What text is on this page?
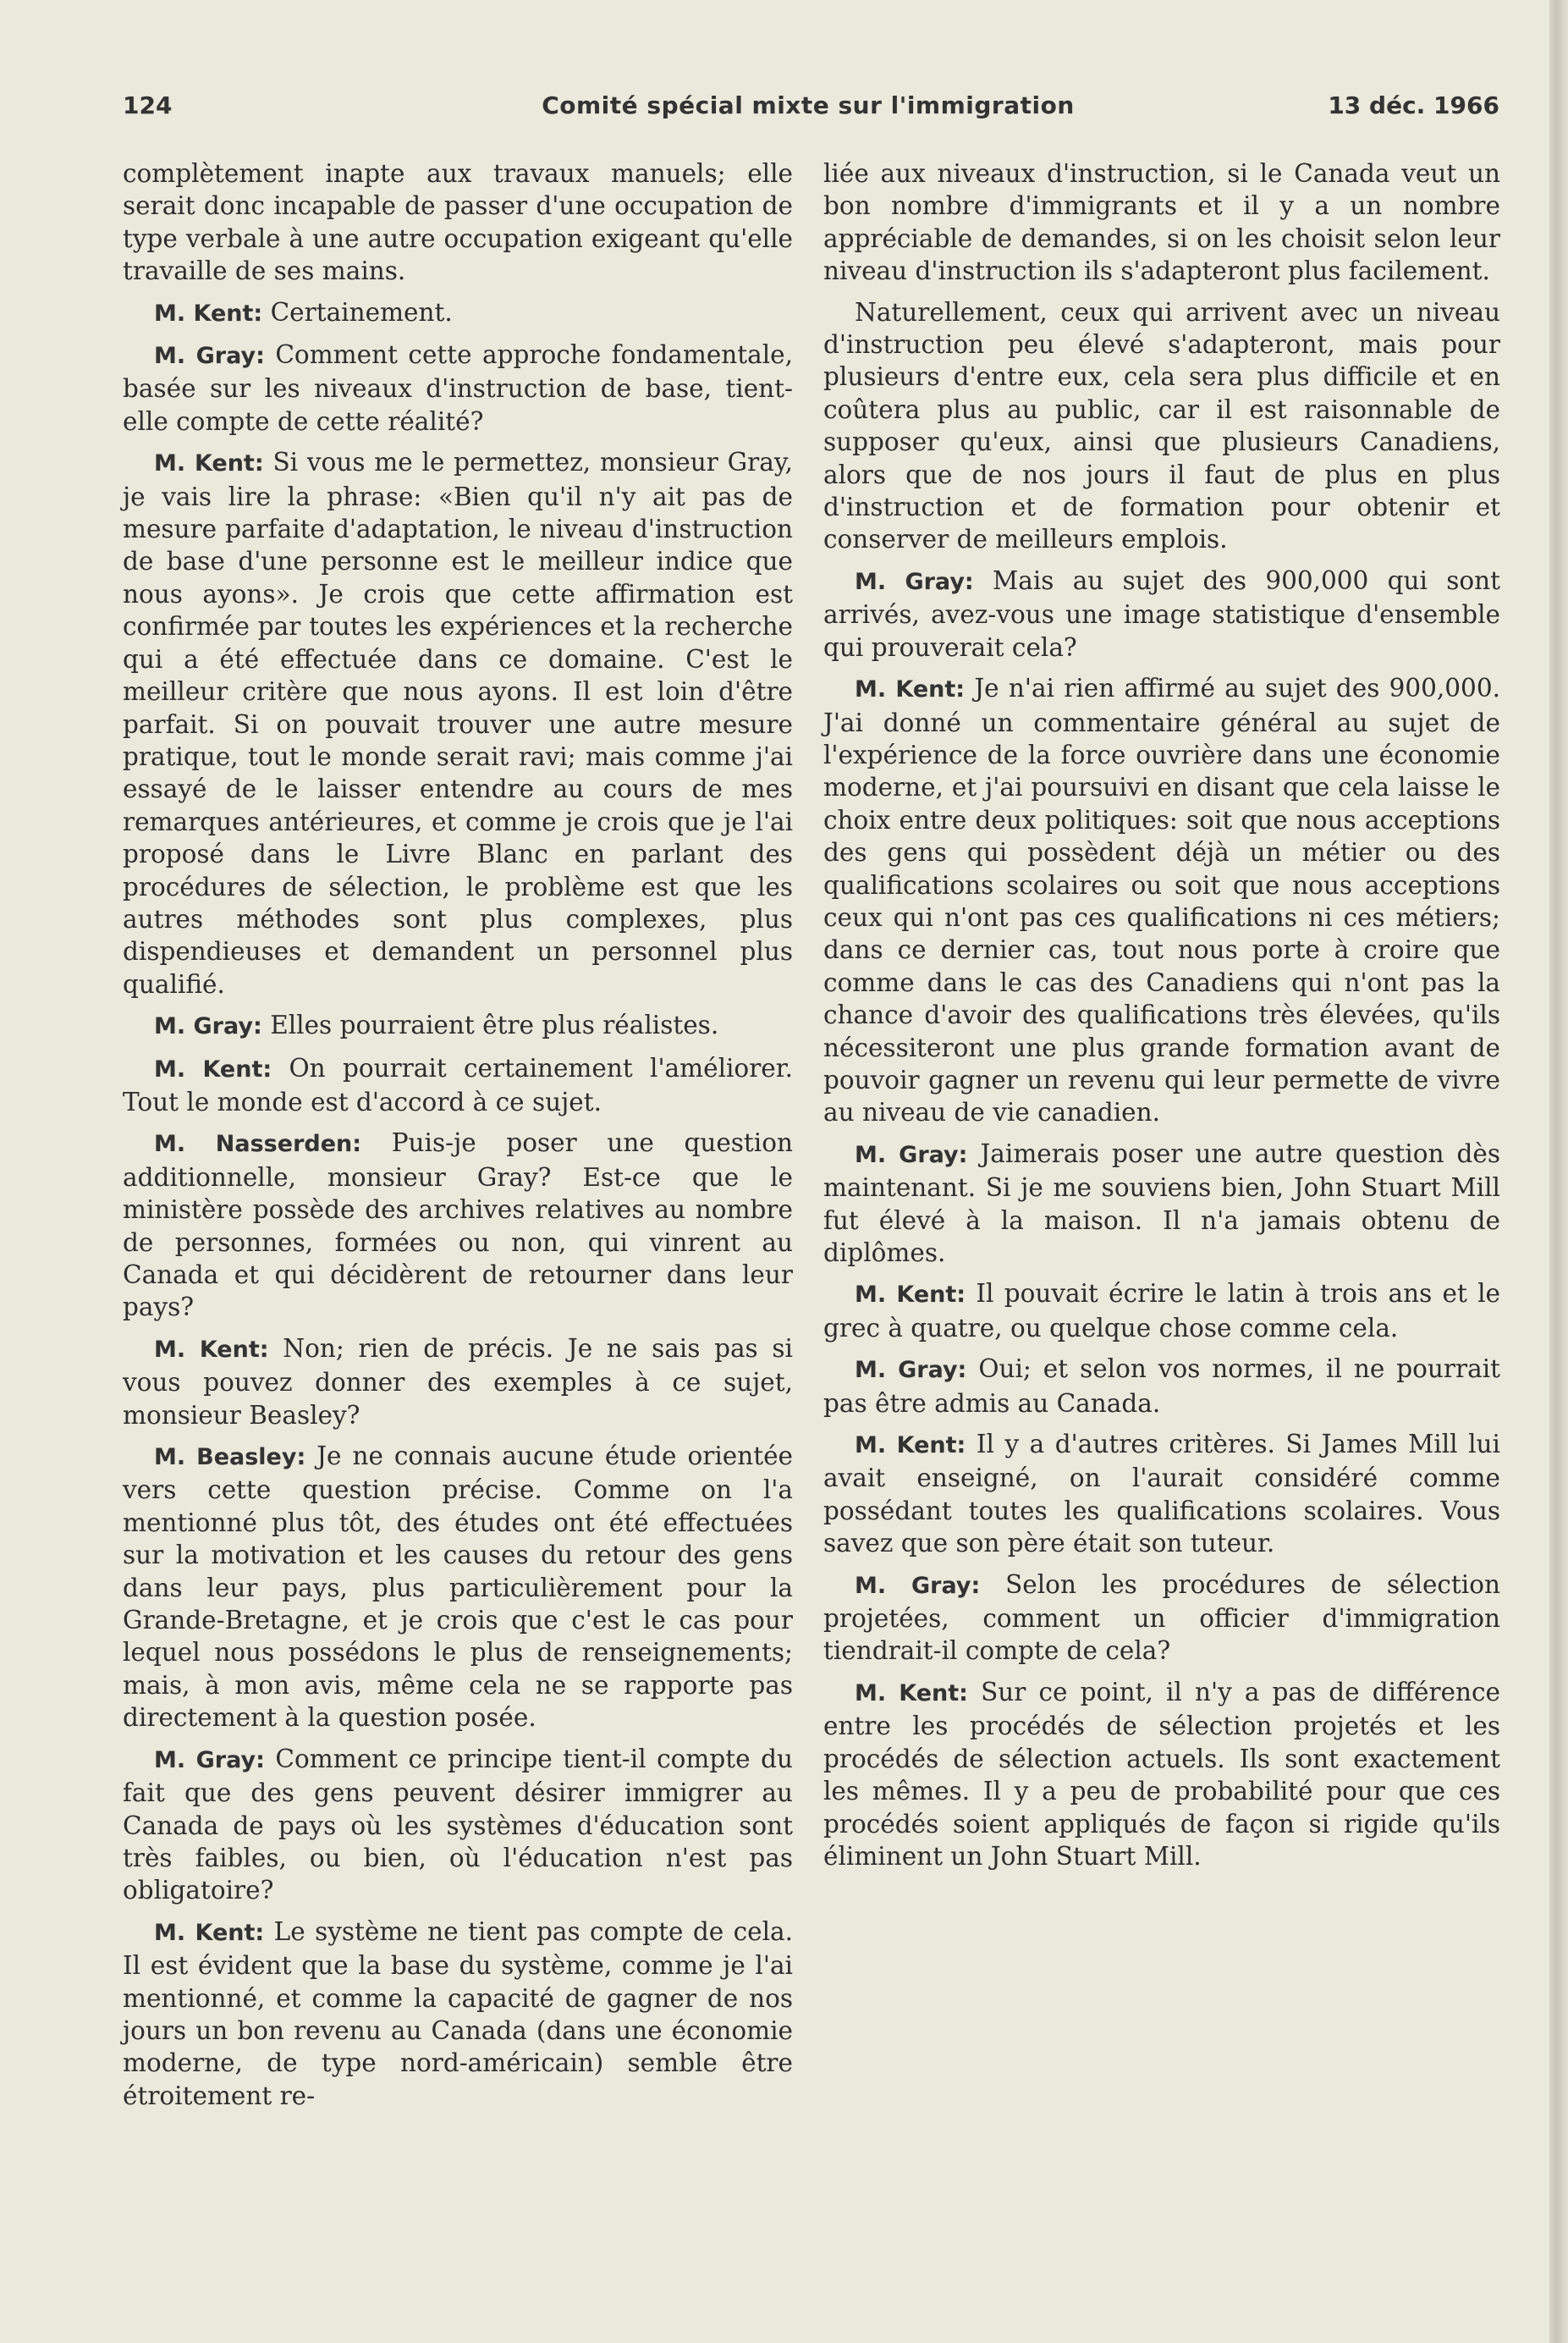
124	Comité spécial mixte sur l'immigration	13 déc. 1966

complètement inapte aux travaux manuels; elle serait donc incapable de passer d'une occupation de type verbale à une autre occupation exigeant qu'elle travaille de ses mains.

M. Kent: Certainement.

M. Gray: Comment cette approche fondamentale, basée sur les niveaux d'instruction de base, tient-elle compte de cette réalité?

M. Kent: Si vous me le permettez, monsieur Gray, je vais lire la phrase: «Bien qu'il n'y ait pas de mesure parfaite d'adaptation, le niveau d'instruction de base d'une personne est le meilleur indice que nous ayons». Je crois que cette affirmation est confirmée par toutes les expériences et la recherche qui a été effectuée dans ce domaine. C'est le meilleur critère que nous ayons. Il est loin d'être parfait. Si on pouvait trouver une autre mesure pratique, tout le monde serait ravi; mais comme j'ai essayé de le laisser entendre au cours de mes remarques antérieures, et comme je crois que je l'ai proposé dans le Livre Blanc en parlant des procédures de sélection, le problème est que les autres méthodes sont plus complexes, plus dispendieuses et demandent un personnel plus qualifié.

M. Gray: Elles pourraient être plus réalistes.

M. Kent: On pourrait certainement l'améliorer. Tout le monde est d'accord à ce sujet.

M. Nasserden: Puis-je poser une question additionnelle, monsieur Gray? Est-ce que le ministère possède des archives relatives au nombre de personnes, formées ou non, qui vinrent au Canada et qui décidèrent de retourner dans leur pays?

M. Kent: Non; rien de précis. Je ne sais pas si vous pouvez donner des exemples à ce sujet, monsieur Beasley?

M. Beasley: Je ne connais aucune étude orientée vers cette question précise. Comme on l'a mentionné plus tôt, des études ont été effectuées sur la motivation et les causes du retour des gens dans leur pays, plus particulièrement pour la Grande-Bretagne, et je crois que c'est le cas pour lequel nous possédons le plus de renseignements; mais, à mon avis, même cela ne se rapporte pas directement à la question posée.

M. Gray: Comment ce principe tient-il compte du fait que des gens peuvent désirer immigrer au Canada de pays où les systèmes d'éducation sont très faibles, ou bien, où l'éducation n'est pas obligatoire?

M. Kent: Le système ne tient pas compte de cela. Il est évident que la base du système, comme je l'ai mentionné, et comme la capacité de gagner de nos jours un bon revenu au Canada (dans une économie moderne, de type nord-américain) semble être étroitement re-

liée aux niveaux d'instruction, si le Canada veut un bon nombre d'immigrants et il y a un nombre appréciable de demandes, si on les choisit selon leur niveau d'instruction ils s'adapteront plus facilement.

Naturellement, ceux qui arrivent avec un niveau d'instruction peu élevé s'adapteront, mais pour plusieurs d'entre eux, cela sera plus difficile et en coûtera plus au public, car il est raisonnable de supposer qu'eux, ainsi que plusieurs Canadiens, alors que de nos jours il faut de plus en plus d'instruction et de formation pour obtenir et conserver de meilleurs emplois.

M. Gray: Mais au sujet des 900,000 qui sont arrivés, avez-vous une image statistique d'ensemble qui prouverait cela?

M. Kent: Je n'ai rien affirmé au sujet des 900,000. J'ai donné un commentaire général au sujet de l'expérience de la force ouvrière dans une économie moderne, et j'ai poursuivi en disant que cela laisse le choix entre deux politiques: soit que nous acceptions des gens qui possèdent déjà un métier ou des qualifications scolaires ou soit que nous acceptions ceux qui n'ont pas ces qualifications ni ces métiers; dans ce dernier cas, tout nous porte à croire que comme dans le cas des Canadiens qui n'ont pas la chance d'avoir des qualifications très élevées, qu'ils nécessiteront une plus grande formation avant de pouvoir gagner un revenu qui leur permette de vivre au niveau de vie canadien.

M. Gray: Jaimerais poser une autre question dès maintenant. Si je me souviens bien, John Stuart Mill fut élevé à la maison. Il n'a jamais obtenu de diplômes.

M. Kent: Il pouvait écrire le latin à trois ans et le grec à quatre, ou quelque chose comme cela.

M. Gray: Oui; et selon vos normes, il ne pourrait pas être admis au Canada.

M. Kent: Il y a d'autres critères. Si James Mill lui avait enseigné, on l'aurait considéré comme possédant toutes les qualifications scolaires. Vous savez que son père était son tuteur.

M. Gray: Selon les procédures de sélection projetées, comment un officier d'immigration tiendrait-il compte de cela?

M. Kent: Sur ce point, il n'y a pas de différence entre les procédés de sélection projetés et les procédés de sélection actuels. Ils sont exactement les mêmes. Il y a peu de probabilité pour que ces procédés soient appliqués de façon si rigide qu'ils éliminent un John Stuart Mill.
